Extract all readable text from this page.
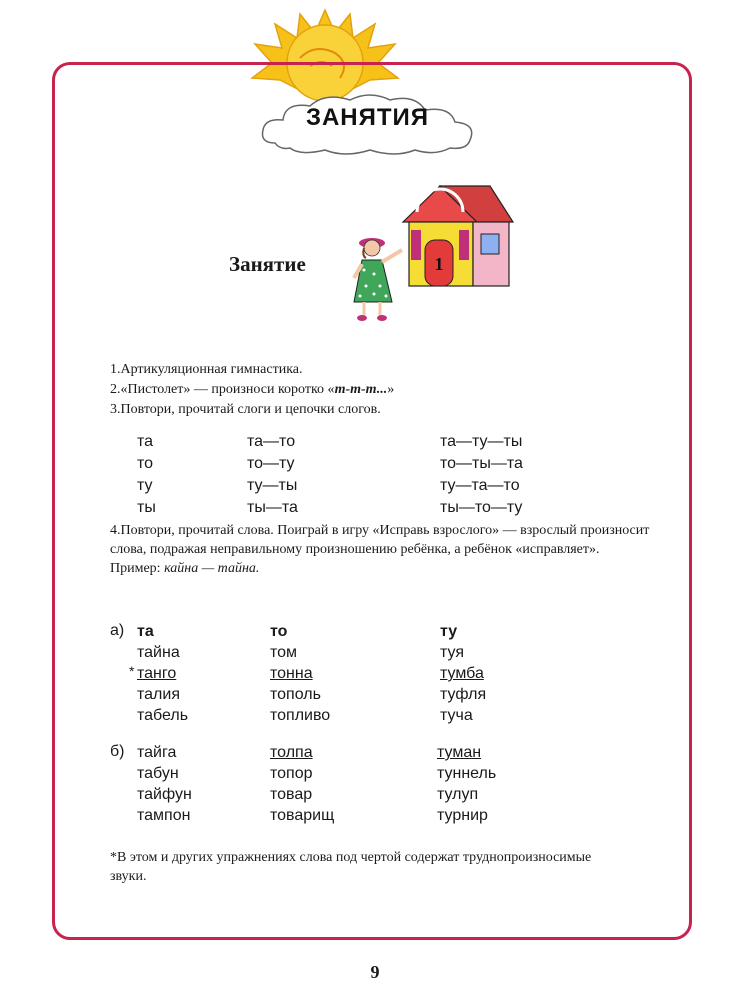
ЗАНЯТИЯ
Занятие	1
1.Артикуляционная гимнастика.
2.«Пистолет» — произноси коротко «т-т-т...»
3.Повтори, прочитай слоги и цепочки слогов.
та
то
ту
ты
та—то
то—ту
ту—ты
ты—та
та—ту—ты
то—ты—та
ту—та—то
ты—то—ту

4.Повтори, прочитай слова. Поиграй в игру «Исправь взрослого» — взрослый произносит слова, подражая неправильному произношению ребёнка, а ребёнок «исправляет».

Пример: кайна — тайна.

а)
*
та
тайна
танго
талия
табель
то
том
тонна
тополь
топливо
ту
туя
тумба
туфля
туча
б) тайга
табун
тайфун
тампон
толпа
топор
товар
товарищ
туман
туннель
тулуп
турнир
*В этом и других упражнениях слова под чертой содержат труднопроизносимые звуки.
9
